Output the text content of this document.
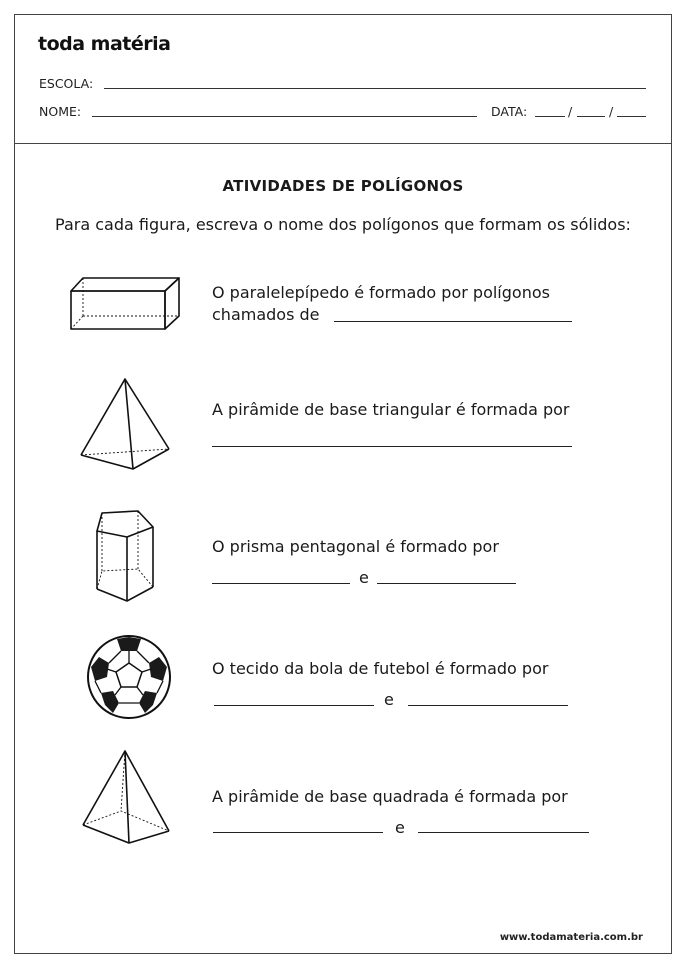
toda matéria
ESCOLA:
NOME:	DATA:	/	/
ATIVIDADES DE POLÍGONOS
Para cada figura, escreva o nome dos polígonos que formam os sólidos:
O paralelepípedo é formado por polígonos
chamados de
A pirâmide de base triangular é formada por
O prisma pentagonal é formado por
e
O tecido da bola de futebol é formado por
e
A pirâmide de base quadrada é formada por
e
www.todamateria.com.br
